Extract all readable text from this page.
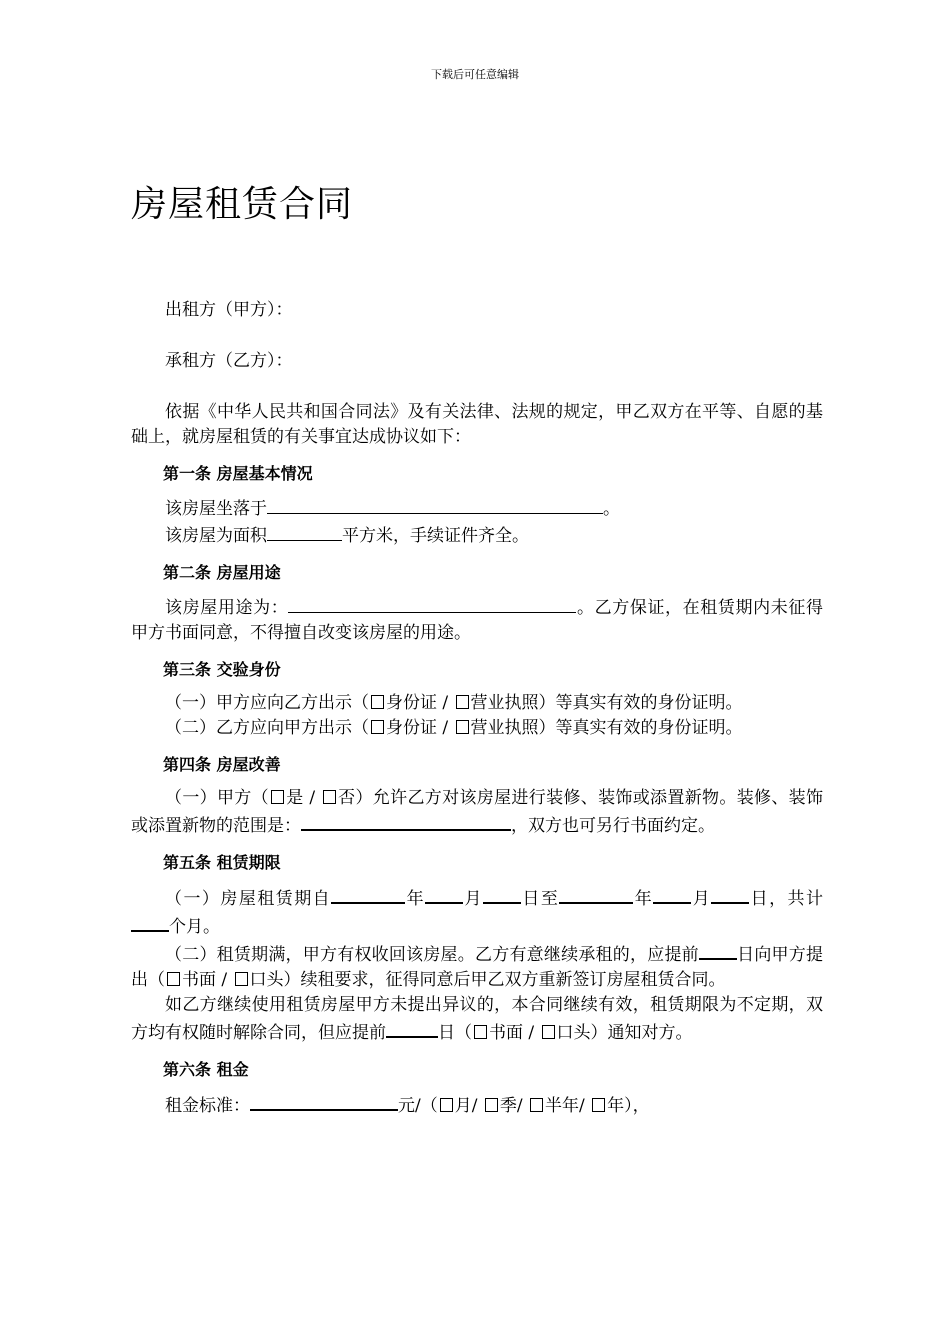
下载后可任意编辑
房屋租赁合同

出租方（甲方）：

承租方（乙方）：

依据《中华人民共和国合同法》及有关法律、法规的规定，甲乙双方在平等、自愿的基础上，就房屋租赁的有关事宜达成协议如下：

第一条 房屋基本情况

该房屋坐落于	。

该房屋为面积	平方米，手续证件齐全。

第二条 房屋用途

该房屋用途为：	。乙方保证，在租赁期内未征得甲方书面同意，不得擅自改变该房屋的用途。

第三条 交验身份

（一）甲方应向乙方出示（ 身份证 / 营业执照）等真实有效的身份证明。

（二）乙方应向甲方出示（ 身份证 / 营业执照）等真实有效的身份证明。

第四条 房屋改善

（一）甲方（ 是 / 否）允许乙方对该房屋进行装修、装饰或添置新物。装修、装饰或添置新物的范围是：	，双方也可另行书面约定。

第五条 租赁期限

（一）房屋租赁期自	年 月 日至	年 月 日，共计个月。

（二）租赁期满，甲方有权收回该房屋。乙方有意继续承租的，应提前 日向甲方提出（ 书面 / 口头）续租要求，征得同意后甲乙双方重新签订房屋租赁合同。

如乙方继续使用租赁房屋甲方未提出异议的，本合同继续有效，租赁期限为不定期，双方均有权随时解除合同，但应提前	日（ 书面 / 口头）通知对方。

第六条 租金

租金标准：	元/（ 月/ 季/ 半年/ 年），
